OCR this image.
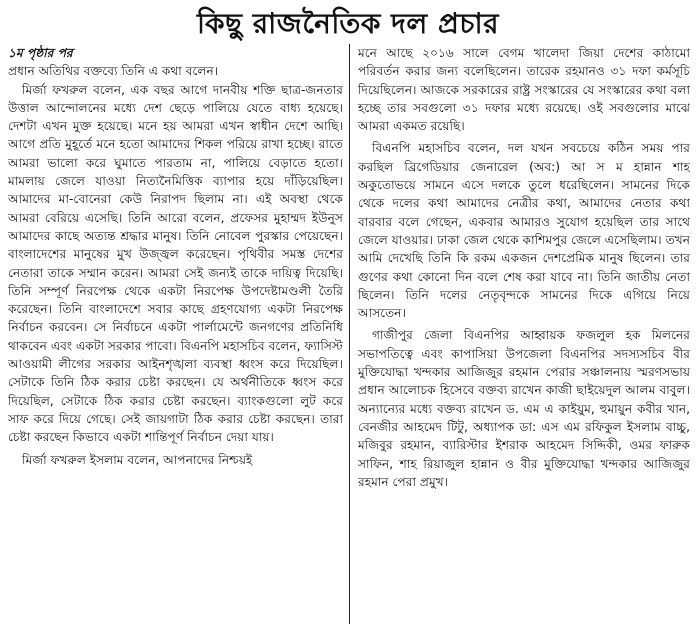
কিছু রাজনৈতিক দল প্রচার

১ম পৃষ্ঠার পর

প্রধান অতিথির বক্তব্যে তিনি এ কথা বলেন।

মির্জা ফখরুল বলেন, এক বছর আগে দানবীয় শক্তি ছাত্র-জনতার উত্তাল আন্দোলনের মধ্যে দেশ ছেড়ে পালিয়ে যেতে বাধ্য হয়েছে। দেশটা এখন মুক্ত হয়েছে। মনে হয় আমরা এখন স্বাধীন দেশে আছি। আগে প্রতি মুহূর্তে মনে হতো আমাদের শিকল পরিয়ে রাখা হচ্ছে। রাতে আমরা ভালো করে ঘুমাতে পারতাম না, পালিয়ে বেড়াতে হতো। মামলায় জেলে যাওয়া নিত্যনৈমিত্তিক ব্যাপার হয়ে দাঁড়িয়েছিল। আমাদের মা-বোনেরা কেউ নিরাপদ ছিলাম না। এই অবস্থা থেকে আমরা বেরিয়ে এসেছি। তিনি আরো বলেন, প্রফেসর মুহাম্মদ ইউনুস আমাদের কাছে অত্যন্ত শ্রদ্ধার মানুষ। তিনি নোবেল পুরস্কার পেয়েছেন। বাংলাদেশের মানুষের মুখ উজ্জ্বল করেছেন। পৃথিবীর সমস্ত দেশের নেতারা তাকে সম্মান করেন। আমরা সেই জন্যই তাকে দায়িত্ব দিয়েছি। তিনি সম্পূর্ণ নিরপেক্ষ থেকে একটা নিরপেক্ষ উপদেষ্টামণ্ডলী তৈরি করেছেন। তিনি বাংলাদেশে সবার কাছে গ্রহণযোগ্য একটা নিরপেক্ষ নির্বাচন করবেন। সে নির্বাচনে একটা পার্লামেন্টে জনগণের প্রতিনিধি থাকবেন এবং একটা সরকার পাবো। বিএনপি মহাসচিব বলেন, ফ্যাসিস্ট আওয়ামী লীগের সরকার আইনশৃঙ্খলা ব্যবস্থা ধ্বংস করে দিয়েছিল। সেটাকে তিনি ঠিক করার চেষ্টা করছেন। যে অর্থনীতিকে ধ্বংস করে দিয়েছিল, সেটাকে ঠিক করার চেষ্টা করছেন। ব্যাংকগুলো লুট করে সাফ করে দিয়ে গেছে। সেই জায়গাটা ঠিক করার চেষ্টা করছেন। তারা চেষ্টা করছেন কিভাবে একটা শান্তিপূর্ণ নির্বাচন দেয়া যায়।

মির্জা ফখরুল ইসলাম বলেন, আপনাদের নিশ্চয়ই

মনে আছে ২০১৬ সালে বেগম খালেদা জিয়া দেশের কাঠামো পরিবর্তন করার জন্য বলেছিলেন। তারেক রহমানও ৩১ দফা কর্মসূচি দিয়েছিলেন। আজকে সরকারের রাষ্ট্র সংস্কারের যে সংস্কারের কথা বলা হচ্ছে তার সবগুলো ৩১ দফার মধ্যে রয়েছে। ওই সবগুলোর মাঝে আমরা একমত রয়েছি।

বিএনপি মহাসচিব বলেন, দল যখন সবচেয়ে কঠিন সময় পার করছিল ব্রিগেডিয়ার জেনারেল (অব:) আ স ম হান্নান শাহ অকুতোভয়ে সামনে এসে দলকে তুলে ধরেছিলেন। সামনের দিকে থেকে দলের কথা আমাদের নেত্রীর কথা, আমাদের নেতার কথা বারবার বলে গেছেন, একবার আমারও সুযোগ হয়েছিল তার সাথে জেলে যাওয়ার। ঢাকা জেল থেকে কাশিমপুর জেলে এসেছিলাম। তখন আমি দেখেছি তিনি কি রকম একজন দেশপ্রেমিক মানুষ ছিলেন। তার গুণের কথা কোনো দিন বলে শেষ করা যাবে না। তিনি জাতীয় নেতা ছিলেন। তিনি দলের নেতৃবৃন্দকে সামনের দিকে এগিয়ে নিয়ে আসতেন।

গাজীপুর জেলা বিএনপির আহ্বায়ক ফজলুল হক মিলনের সভাপতিত্বে এবং কাপাসিয়া উপজেলা বিএনপির সদস্যসচিব বীর মুক্তিযোদ্ধা খন্দকার আজিজুর রহমান পেরার সঞ্চালনায় স্মরণসভায় প্রধান আলোচক হিসেবে বক্তব্য রাখেন কাজী ছাইয়েদুল আলম বাবুল। অন্যান্যের মধ্যে বক্তব্য রাখেন ড. এম এ কাইয়ুম, হুমায়ুন কবীর খান, বেনজীর আহমেদ টিটু, অধ্যাপক ডা: এস এম রফিকুল ইসলাম বাচ্চু, মজিবুর রহমান, ব্যারিস্টার ইশরাক আহমেদ সিদ্দিকী, ওমর ফারুক সাফিন, শাহ রিয়াজুল হান্নান ও বীর মুক্তিযোদ্ধা খন্দকার আজিজুর রহমান পেরা প্রমুখ।
